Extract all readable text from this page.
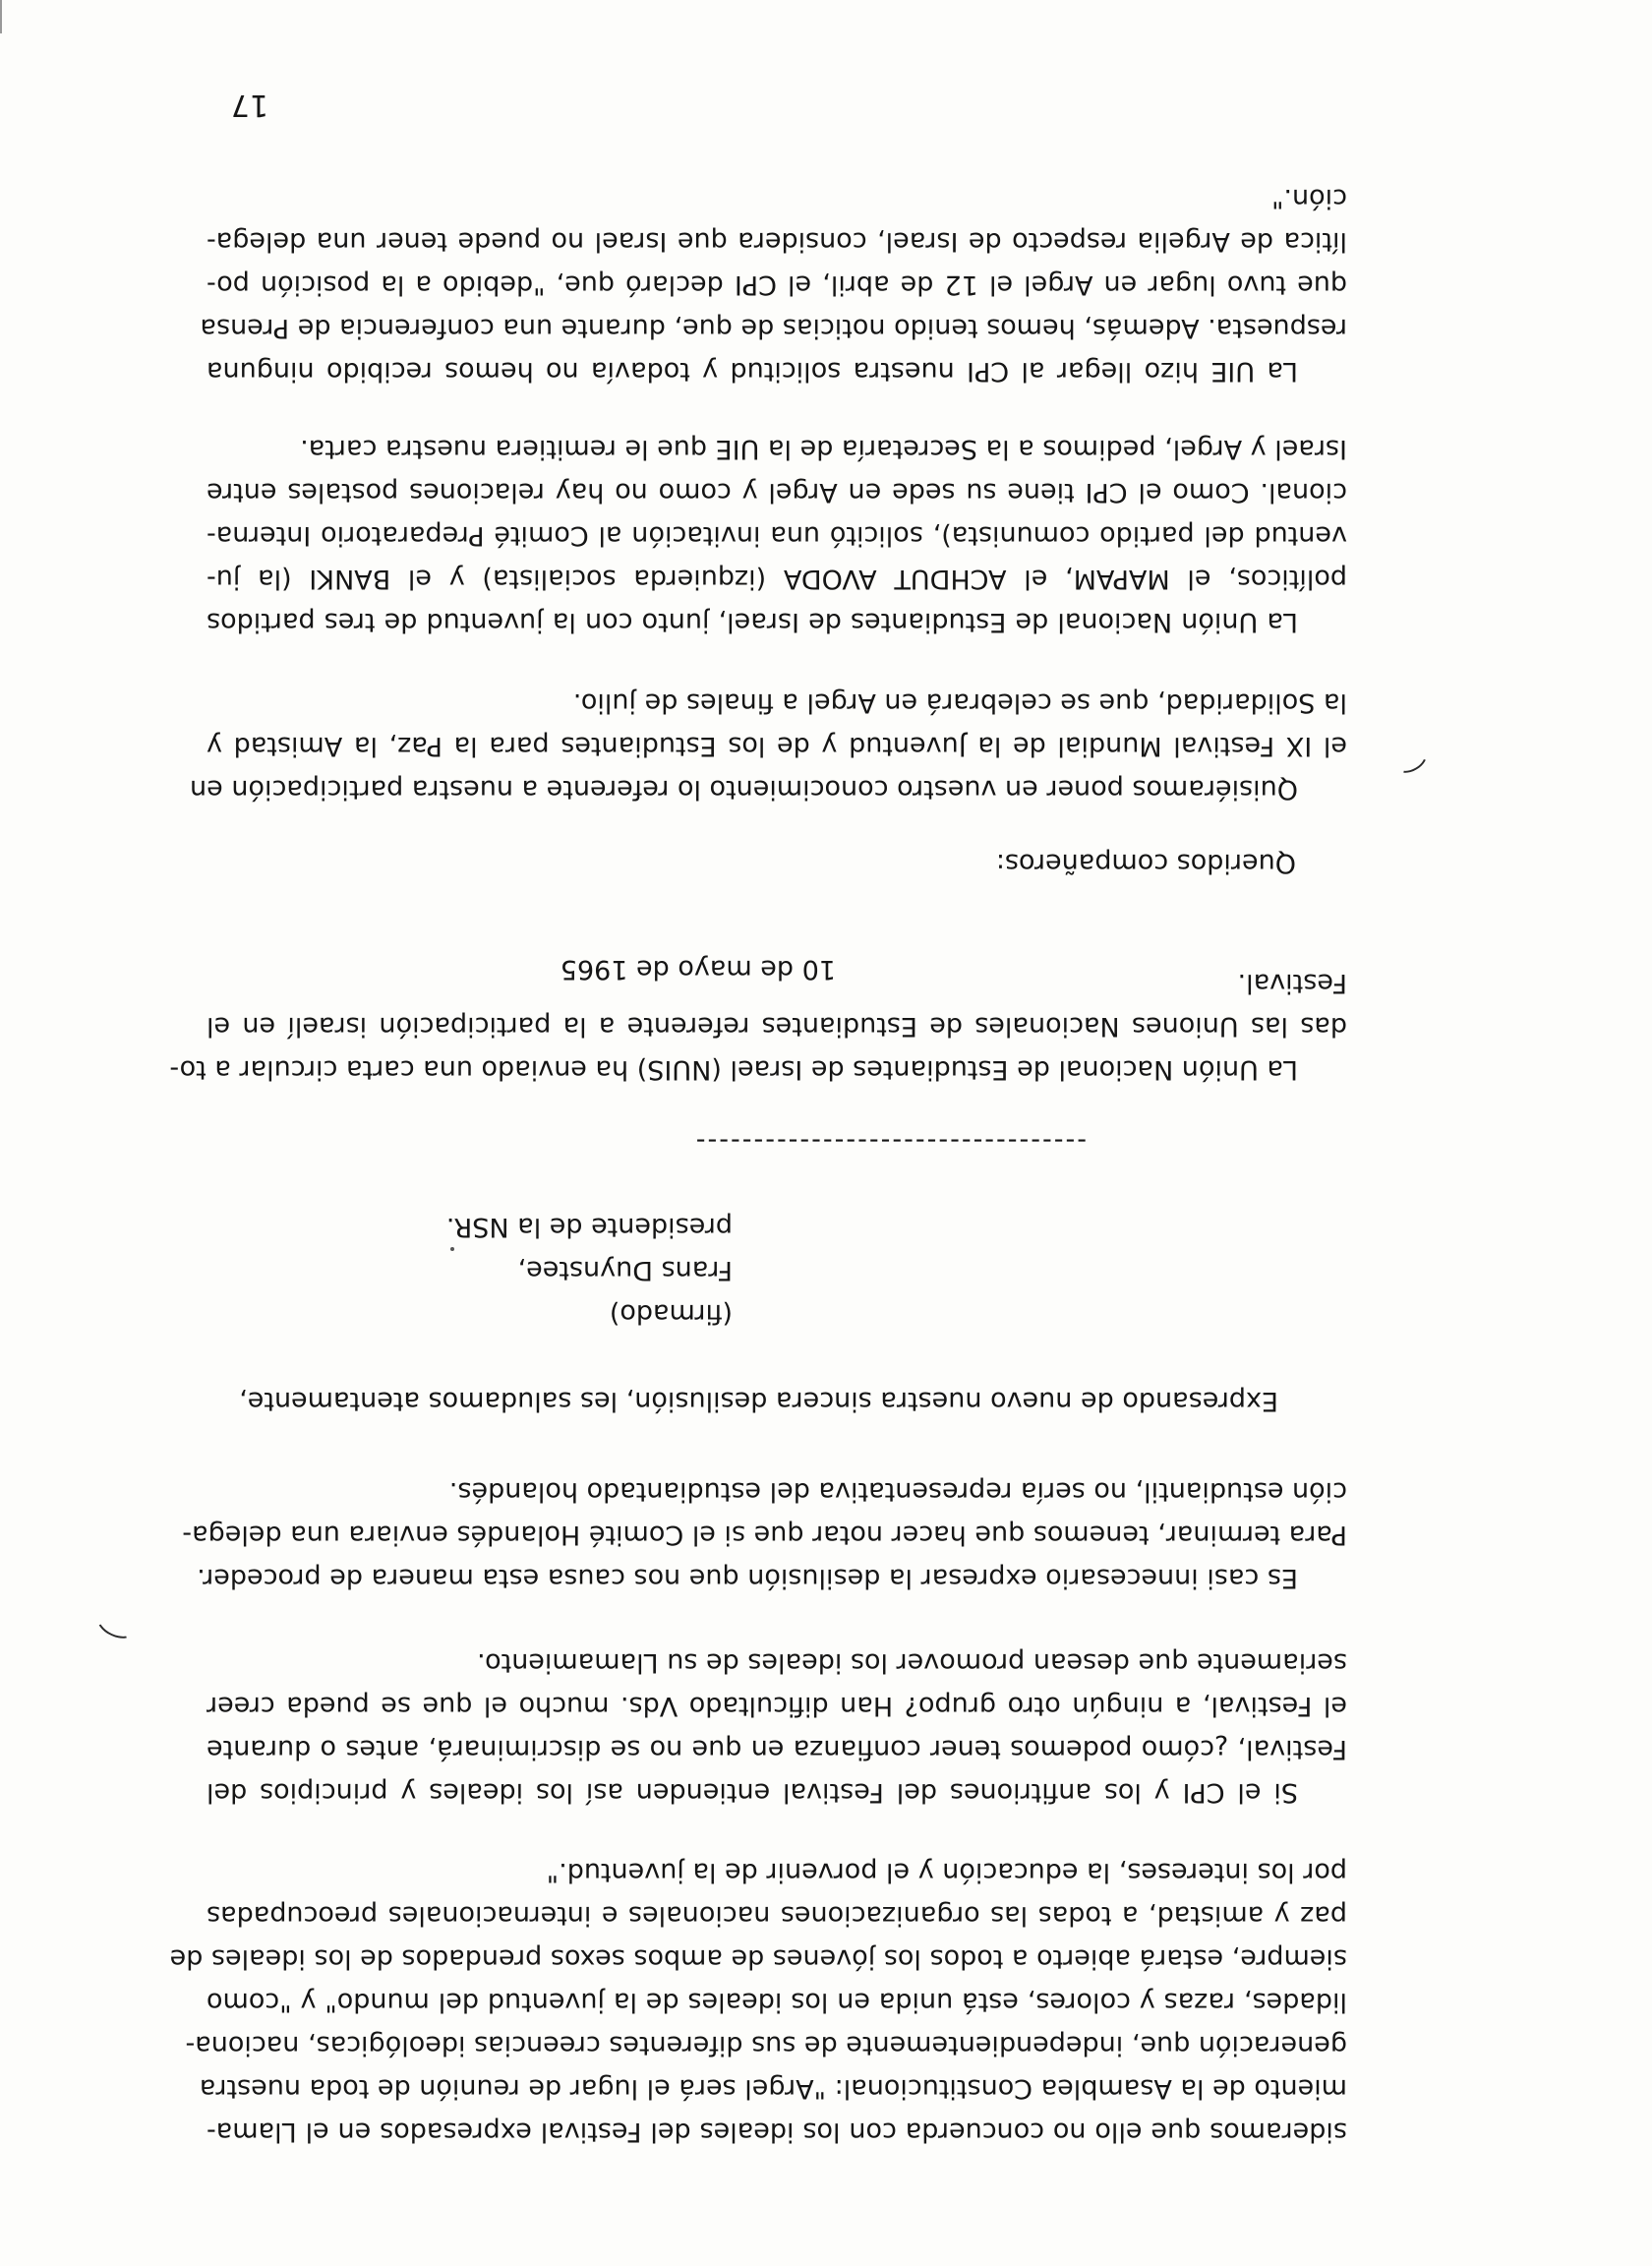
17
La UIE hizo llegar al CPI nuestra solicitud y todavía no hemos recibido ninguna
respuesta. Además, hemos tenido noticias de que, durante una conferencia de Prensa
que tuvo lugar en Argel el 12 de abril, el CPI declaró que, "debido a la posición po-
lítica de Argelia respecto de Israel, considera que Israel no puede tener una delega-
ción."
La Unión Nacional de Estudiantes de Israel, junto con la juventud de tres partidos
políticos, el MAPAM, el ACHDUT AVODA (izquierda socialista) y el BANKI (la ju-
ventud del partido comunista), solicitó una invitación al Comité Preparatorio Interna-
cional. Como el CPI tiene su sede en Argel y como no hay relaciones postales entre
Israel y Argel, pedimos a la Secretaría de la UIE que le remitiera nuestra carta.
Quisiéramos poner en vuestro conocimiento lo referente a nuestra participación en
el IX Festival Mundial de la Juventud y de los Estudiantes para la Paz, la Amistad y
la Solidaridad, que se celebrará en Argel a finales de julio.
Queridos compañeros:
10 de mayo de 1965
La Unión Nacional de Estudiantes de Israel (NUIS) ha enviado una carta circular a to-
das las Uniones Nacionales de Estudiantes referente a la participación israelí en el
Festival.
----------------------------------
(firmado)
Frans Duynstee,
presidente de la NSR.
Expresando de nuevo nuestra sincera desilusión, les saludamos atentamente,
Es casi innecesario expresar la desilusión que nos causa esta manera de proceder.
Para terminar, tenemos que hacer notar que si el Comité Holandés enviara una delega-
ción estudiantil, no sería representativa del estudiantado holandés.
Si el CPI y los anfitriones del Festival entienden así los ideales y principios del
Festival, ¿cómo podemos tener confianza en que no se discriminará, antes o durante
el Festival, a ningún otro grupo? Han dificultado Vds. mucho el que se pueda creer
seriamente que desean promover los ideales de su Llamamiento.
sideramos que ello no concuerda con los ideales del Festival expresados en el Llama-
miento de la Asamblea Constitucional: "Argel será el lugar de reunión de toda nuestra
generación que, independientemente de sus diferentes creencias ideológicas, naciona-
lidades, razas y colores, está unida en los ideales de la juventud del mundo" y "como
siempre, estará abierto a todos los jóvenes de ambos sexos prendados de los ideales de
paz y amistad, a todas las organizaciones nacionales e internacionales preocupadas
por los intereses, la educación y el porvenir de la juventud."
